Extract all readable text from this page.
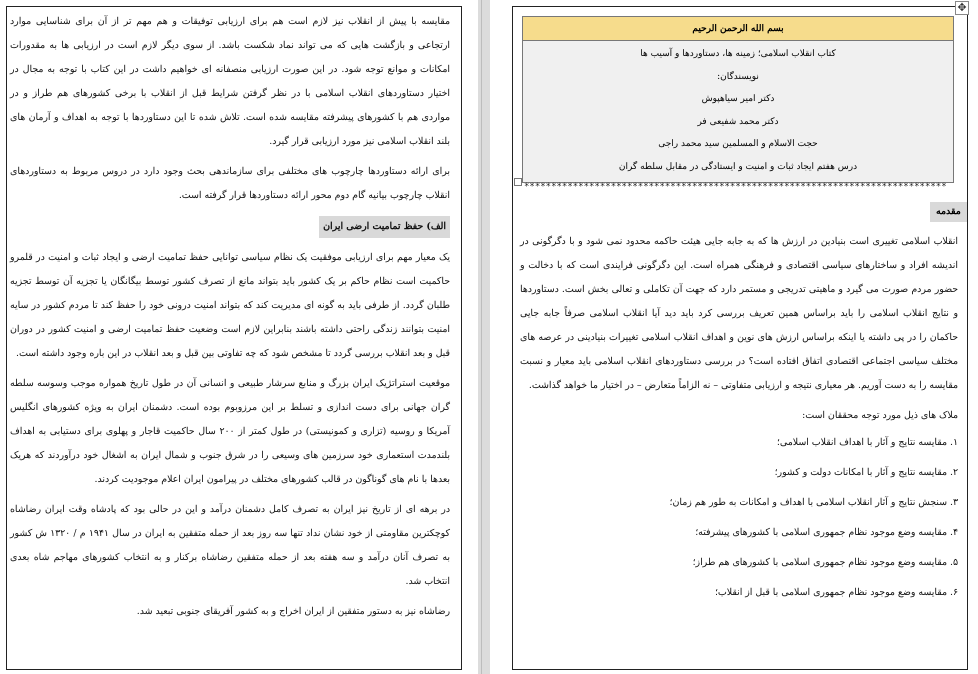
مقایسه با پیش از انقلاب نیز لازم است هم برای ارزیابی توفیقات و هم مهم تر از آن برای شناسایی موارد ارتجاعی و بازگشت هایی که می تواند نماد شکست باشد. از سوی دیگر لازم است در ارزیابی ها به مقدورات امکانات و موانع توجه شود. در این صورت ارزیابی منصفانه ای خواهیم داشت در این کتاب با توجه به مجال در اختیار دستاوردهای انقلاب اسلامی با در نظر گرفتن شرایط قبل از انقلاب با برخی کشورهای هم طراز و در مواردی هم با کشورهای پیشرفته مقایسه شده است. تلاش شده تا این دستاوردها با توجه به اهداف و آرمان های بلند انقلاب اسلامی نیز مورد ارزیابی قرار گیرد.

برای ارائه دستاوردها چارچوب های مختلفی برای سازماندهی بحث وجود دارد در دروس مربوط به دستاوردهای انقلاب چارچوب بیانیه گام دوم محور ارائه دستاوردها قرار گرفته است.

الف) حفظ تمامیت ارضی ایران

یک معیار مهم برای ارزیابی موفقیت یک نظام سیاسی توانایی حفظ تمامیت ارضی و ایجاد ثبات و امنیت در قلمرو حاکمیت است نظام حاکم بر یک کشور باید بتواند مانع از تصرف کشور توسط بیگانگان یا تجزیه آن توسط تجزیه طلبان گردد. از طرفی باید به گونه ای مدیریت کند که بتواند امنیت درونی خود را حفظ کند تا مردم کشور در سایه امنیت بتوانند زندگی راحتی داشته باشند بنابراین لازم است وضعیت حفظ تمامیت ارضی و امنیت کشور در دوران قبل و بعد انقلاب بررسی گردد تا مشخص شود که چه تفاوتی بین قبل و بعد انقلاب در این باره وجود داشته است.

موقعیت استراتژیک ایران بزرگ و منابع سرشار طبیعی و انسانی آن در طول تاریخ همواره موجب وسوسه سلطه گران جهانی برای دست اندازی و تسلط بر این مرزوبوم بوده است. دشمنان ایران به ویژه کشورهای انگلیس آمریکا و روسیه (تزاری و کمونیستی) در طول کمتر از ۲۰۰ سال حاکمیت قاجار و پهلوی برای دستیابی به اهداف بلندمدت استعماری خود سرزمین های وسیعی را در شرق جنوب و شمال ایران به اشغال خود درآوردند که هریک بعدها با نام های گوناگون در قالب کشورهای مختلف در پیرامون ایران اعلام موجودیت کردند.

در برهه ای از تاریخ نیز ایران به تصرف کامل دشمنان درآمد و این در حالی بود که پادشاه وقت ایران رضاشاه کوچکترین مقاومتی از خود نشان نداد تنها سه روز بعد از حمله متفقین به ایران در سال ۱۹۴۱ م / ۱۳۲۰ ش کشور به تصرف آنان درآمد و سه هفته بعد از حمله متفقین رضاشاه برکنار و به انتخاب کشورهای مهاجم شاه بعدی انتخاب شد.

رضاشاه نیز به دستور متفقین از ایران اخراج و به کشور آفریقای جنوبی تبعید شد.

بسم الله الرحمن الرحیم
کتاب انقلاب اسلامی؛ زمینه ها، دستاوردها و آسیب ها
نویسندگان:
دکتر امیر سیاهپوش
دکتر محمد شفیعی فر
حجت الاسلام و المسلمین سید محمد راجی
درس هفتم ایجاد ثبات و امنیت و ایستادگی در مقابل سلطه گران
******************************************************************************
مقدمه

انقلاب اسلامی تغییری است بنیادین در ارزش ها که به جابه جایی هیئت حاکمه محدود نمی شود و با دگرگونی در اندیشه افراد و ساختارهای سیاسی اقتصادی و فرهنگی همراه است. این دگرگونی فرایندی است که با دخالت و حضور مردم صورت می گیرد و ماهیتی تدریجی و مستمر دارد که جهت آن تکاملی و تعالی بخش است. دستاوردها و نتایج انقلاب اسلامی را باید براساس همین تعریف بررسی کرد باید دید آیا انقلاب اسلامی صرفاً جابه جایی حاکمان را در پی داشته یا اینکه براساس ارزش های نوین و اهداف انقلاب اسلامی تغییرات بنیادینی در عرصه های مختلف سیاسی اجتماعی اقتصادی اتفاق افتاده است؟ در بررسی دستاوردهای انقلاب اسلامی باید معیار و نسبت مقایسه را به دست آوریم. هر معیاری نتیجه و ارزیابی متفاوتی – نه الزاماً متعارض – در اختیار ما خواهد گذاشت.

ملاک های ذیل مورد توجه محققان است:

۱. مقایسه نتایج و آثار با اهداف انقلاب اسلامی؛
۲. مقایسه نتایج و آثار با امکانات دولت و کشور؛
۳. سنجش نتایج و آثار انقلاب اسلامی با اهداف و امکانات به طور هم زمان؛
۴. مقایسه وضع موجود نظام جمهوری اسلامی با کشورهای پیشرفته؛
۵. مقایسه وضع موجود نظام جمهوری اسلامی با کشورهای هم طراز؛
۶. مقایسه وضع موجود نظام جمهوری اسلامی با قبل از انقلاب؛
✥
